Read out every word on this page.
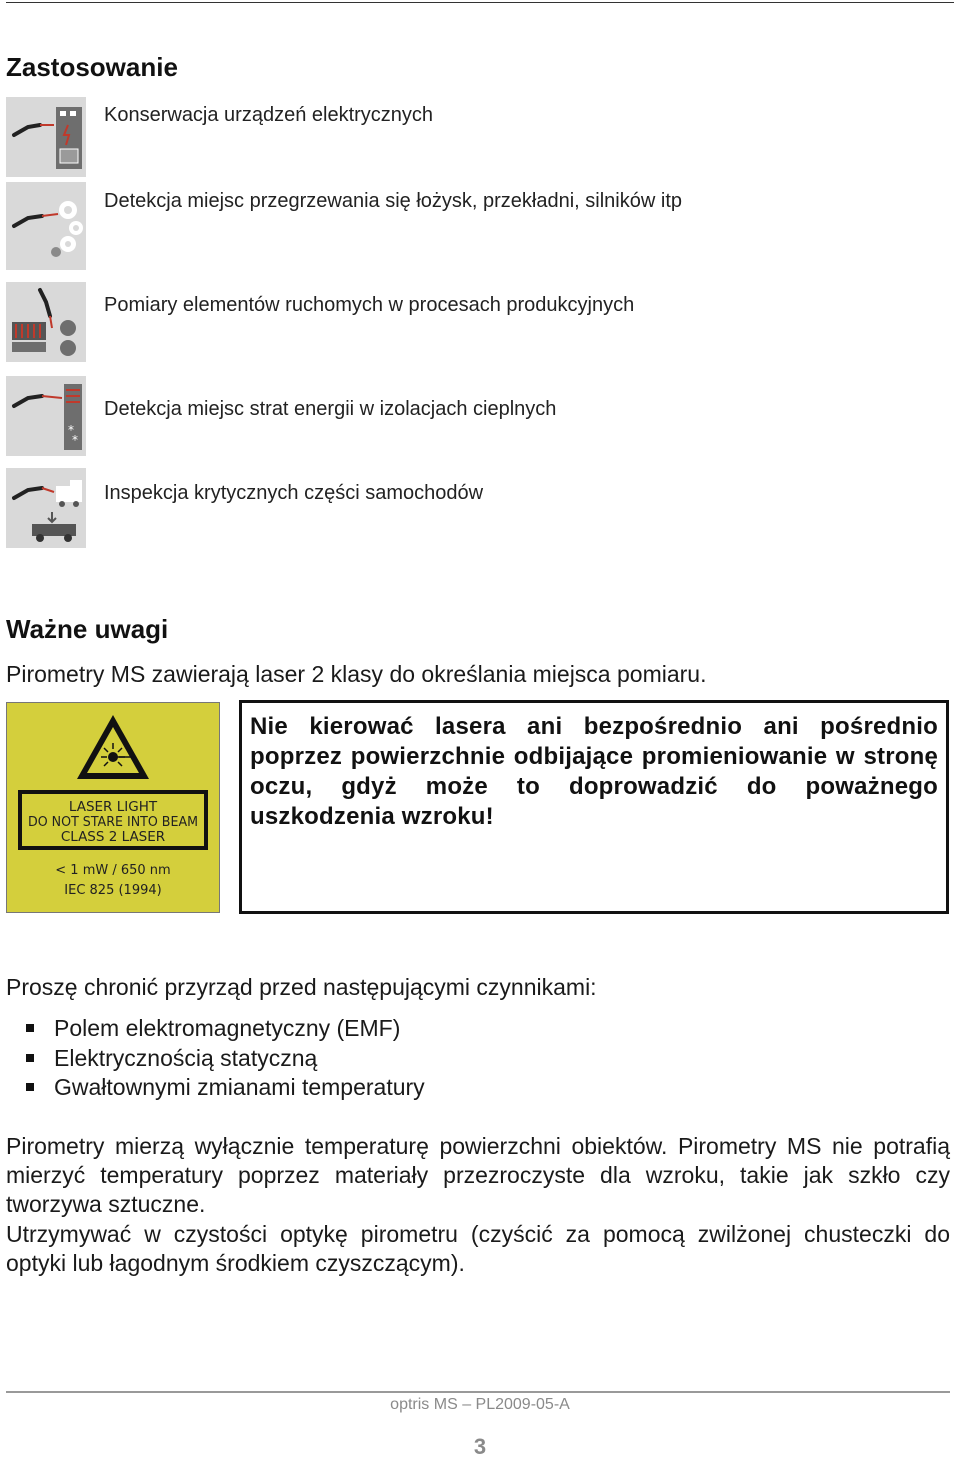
Zastosowanie
Konserwacja urządzeń elektrycznych
Detekcja miejsc przegrzewania się łożysk, przekładni, silników itp
Pomiary elementów ruchomych w procesach produkcyjnych
*
*
Detekcja miejsc strat energii w izolacjach cieplnych
Inspekcja krytycznych części samochodów
Ważne uwagi

Pirometry MS zawierają laser 2 klasy do określania miejsca pomiaru.

LASER LIGHT
DO NOT STARE INTO BEAM
CLASS 2 LASER
< 1 mW / 650 nm
IEC 825 (1994)

Nie kierować lasera ani bezpośrednio ani pośrednio poprzez powierzchnie odbijające promieniowanie w stronę oczu, gdyż może to doprowadzić do poważnego uszkodzenia wzroku!

Proszę chronić przyrząd przed następującymi czynnikami:

Polem elektromagnetyczny (EMF)
Elektrycznością statyczną
Gwałtownymi zmianami temperatury

Pirometry mierzą wyłącznie temperaturę powierzchni obiektów. Pirometry MS nie potrafią mierzyć temperatury poprzez materiały przezroczyste dla wzroku, takie jak szkło czy tworzywa sztuczne.

Utrzymywać w czystości optykę pirometru (czyścić za pomocą zwilżonej chusteczki do optyki lub łagodnym środkiem czyszczącym).

optris MS – PL2009-05-A
3
